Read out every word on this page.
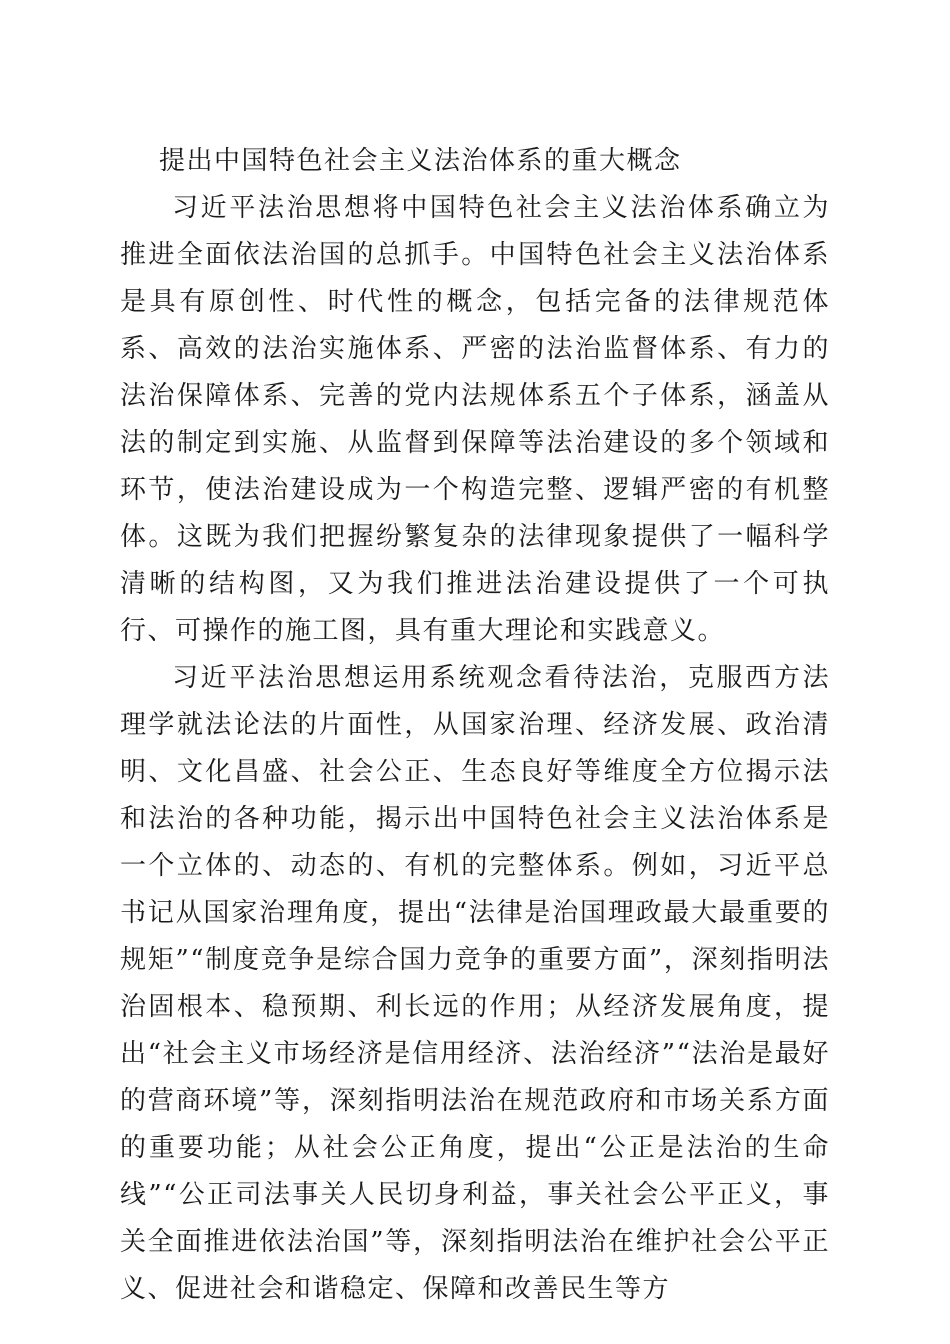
提出中国特色社会主义法治体系的重大概念

习近平法治思想将中国特色社会主义法治体系确立为推进全面依法治国的总抓手。中国特色社会主义法治体系是具有原创性、时代性的概念，包括完备的法律规范体系、高效的法治实施体系、严密的法治监督体系、有力的法治保障体系、完善的党内法规体系五个子体系，涵盖从法的制定到实施、从监督到保障等法治建设的多个领域和环节，使法治建设成为一个构造完整、逻辑严密的有机整体。这既为我们把握纷繁复杂的法律现象提供了一幅科学清晰的结构图，又为我们推进法治建设提供了一个可执行、可操作的施工图，具有重大理论和实践意义。

习近平法治思想运用系统观念看待法治，克服西方法理学就法论法的片面性，从国家治理、经济发展、政治清明、文化昌盛、社会公正、生态良好等维度全方位揭示法和法治的各种功能，揭示出中国特色社会主义法治体系是一个立体的、动态的、有机的完整体系。例如，习近平总书记从国家治理角度，提出“法律是治国理政最大最重要的规矩”“制度竞争是综合国力竞争的重要方面”，深刻指明法治固根本、稳预期、利长远的作用；从经济发展角度，提出“社会主义市场经济是信用经济、法治经济”“法治是最好的营商环境”等，深刻指明法治在规范政府和市场关系方面的重要功能；从社会公正角度，提出“公正是法治的生命线”“公正司法事关人民切身利益，事关社会公平正义，事关全面推进依法治国”等，深刻指明法治在维护社会公平正义、促进社会和谐稳定、保障和改善民生等方
